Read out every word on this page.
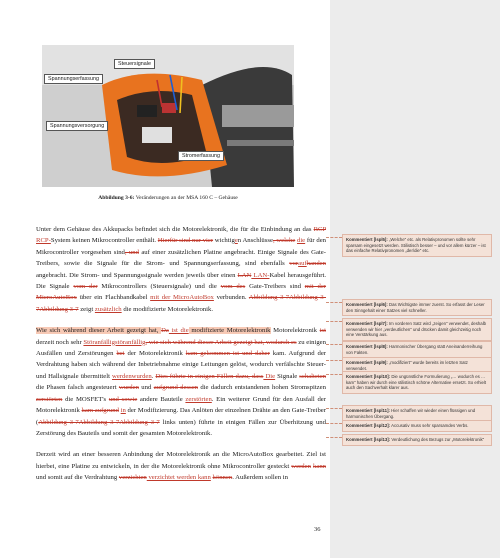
Steuersignale
Spannungserfassung
Spannungsversorgung
Stromerfassung
Abbildung 3-6: Veränderungen an der MSA 160 C – Gehäuse

Unter dem Gehäuse des Akkupacks befindet sich die Motorelektronik, die für die Einbindung an das RCP RCP-System keinen Mikrocontroller enthält. Hierfür sind nur vier wichtigen Anschlüsse, welche die für den Mikrocontroller vorgesehen sind, und auf einer zusätzlichen Platine angebracht. Einige Signale des Gate-Treibers, sowie die Signale für die Strom- und Spannungserfassung, sind ebenfalls voraufhanden angebracht. Die Strom- und Spannungssignale werden jeweils über einen LAN LAN-Kabel herausgeführt. Die Signale vom der Mikrocontrollers (Steuersignale) und die vom des Gate-Treibers sind mit der MicroAutoBox über ein Flachbandkabel mit der MicroAutoBox verbunden. Abbildung 3-7Abbildung 3-7Abbildung 3-7 zeigt zusätzlich die modifizierte Motorelektronik.

Wie sich während dieser Arbeit gezeigt hat, Da ist die modifizierte Motorelektronik Motorelektronik ist derzeit noch sehr Störanfälligstöranfällig, wie sich während dieser Arbeit gezeigt hat, wodurch es zu einigen Ausfällen und Zerstörungen bei der Motorelektronik kam gekommen ist und daher kam. Aufgrund der Verdrahtung haben sich während der Inbetriebnahme einige Leitungen gelöst, wodurch verfälschte Steuer- und Hallsignale übermittelt werdenwurden. Dies führte in einigen Fällen dazu, dass Die Signale schalteten die Phasen falsch angesteuert wurden und aufgrund dessen die dadurch entstandenen hohen Stromspitzen zerstörten die MOSFET's und sowie andere Bauteile zerstörten. Ein weiterer Grund für den Ausfall der Motorelektronik kam aufgrund in der Modifizierung. Das Anlöten der einzelnen Drähte an den Gate-Treiber (Abbildung 3-7Abbildung 3-7Abbildung 3-7 links unten) führte in einigen Fällen zur Überhitzung und Zerstörung des Bauteils und somit der gesamten Motorelektronik.

Derzeit wird an einer besseren Anbindung der Motorelektronik an die MicroAutoBox gearbeitet. Ziel ist hierbei, eine Platine zu entwickeln, in der die Motorelektronik ohne Mikrocontroller gesteckt werden kann und somit auf die Verdrahtung verzichten verzichtet werden kann können. Außerdem sollen in

36
Kommentiert [lspl5]: „Welche" etc. als Relativpronomen sollte sehr sparsam eingesetzt werden. Stilistisch besser – und vor allem kürzer – ist das einfache Relativpronomen „der/die" etc.
Kommentiert [lspl6]: Das Wichtigste immer zuerst. So erfasst der Leser den Sinngehalt einer Satzes viel schneller.
Kommentiert [lspl7]: Im vorderen Satz wird „zeigen" verwendet, deshalb verwenden wir hier „verdeutlichen" und drücken damit gleichzeitig noch eine Verstärkung aus.
Kommentiert [lspl8]: Harmonischer Übergang statt Aneinanderreihung von Fakten.
Kommentiert [lspl9]: „modifiziert" wurde bereits im letzten Satz verwendet.
Kommentiert [lspl10]: Die ungünstliche Formulierung „… wodurch es … kam" haben wir durch eine stilistisch schöne Alternative ersetzt. So erhielt auch den Sachverhalt klarer aus.
Kommentiert [lspl11]: Hier schaffen wir wieder einen flüssigen und harmonischen Übergang.
Kommentiert [lspl12]: Accusativ muss sehr sparsamdes Verbs.
Kommentiert [lspl13]: Verdeutlichung des Bezugs zur „Motorelektronik"
